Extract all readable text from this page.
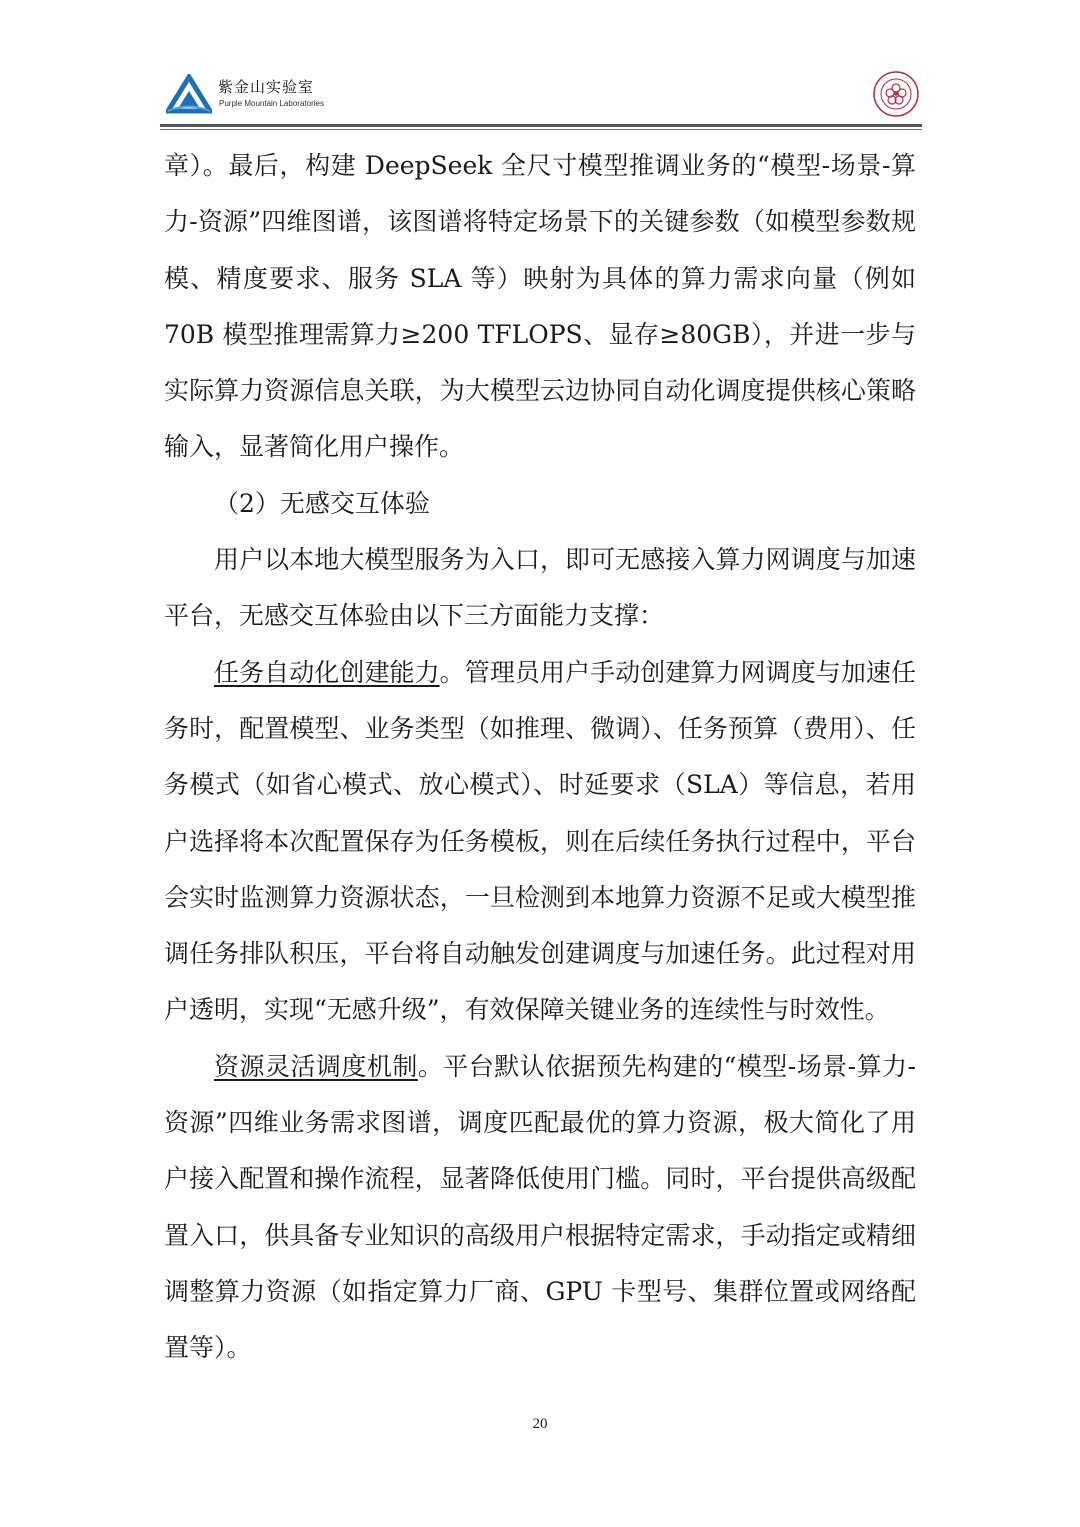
紫金山实验室
Purple Mountain Laboratories

章）。最后，构建 DeepSeek 全尺寸模型推调业务的“模型-场景-算力-资源”四维图谱，该图谱将特定场景下的关键参数（如模型参数规模、精度要求、服务 SLA 等）映射为具体的算力需求向量（例如 70B 模型推理需算力≥200 TFLOPS、显存≥80GB），并进一步与实际算力资源信息关联，为大模型云边协同自动化调度提供核心策略输入，显著简化用户操作。

（2）无感交互体验

用户以本地大模型服务为入口，即可无感接入算力网调度与加速平台，无感交互体验由以下三方面能力支撑：

任务自动化创建能力。管理员用户手动创建算力网调度与加速任务时，配置模型、业务类型（如推理、微调）、任务预算（费用）、任务模式（如省心模式、放心模式）、时延要求（SLA）等信息，若用户选择将本次配置保存为任务模板，则在后续任务执行过程中，平台会实时监测算力资源状态，一旦检测到本地算力资源不足或大模型推调任务排队积压，平台将自动触发创建调度与加速任务。此过程对用户透明，实现“无感升级”，有效保障关键业务的连续性与时效性。

资源灵活调度机制。平台默认依据预先构建的“模型-场景-算力-资源”四维业务需求图谱，调度匹配最优的算力资源，极大简化了用户接入配置和操作流程，显著降低使用门槛。同时，平台提供高级配置入口，供具备专业知识的高级用户根据特定需求，手动指定或精细调整算力资源（如指定算力厂商、GPU 卡型号、集群位置或网络配置等）。

20
